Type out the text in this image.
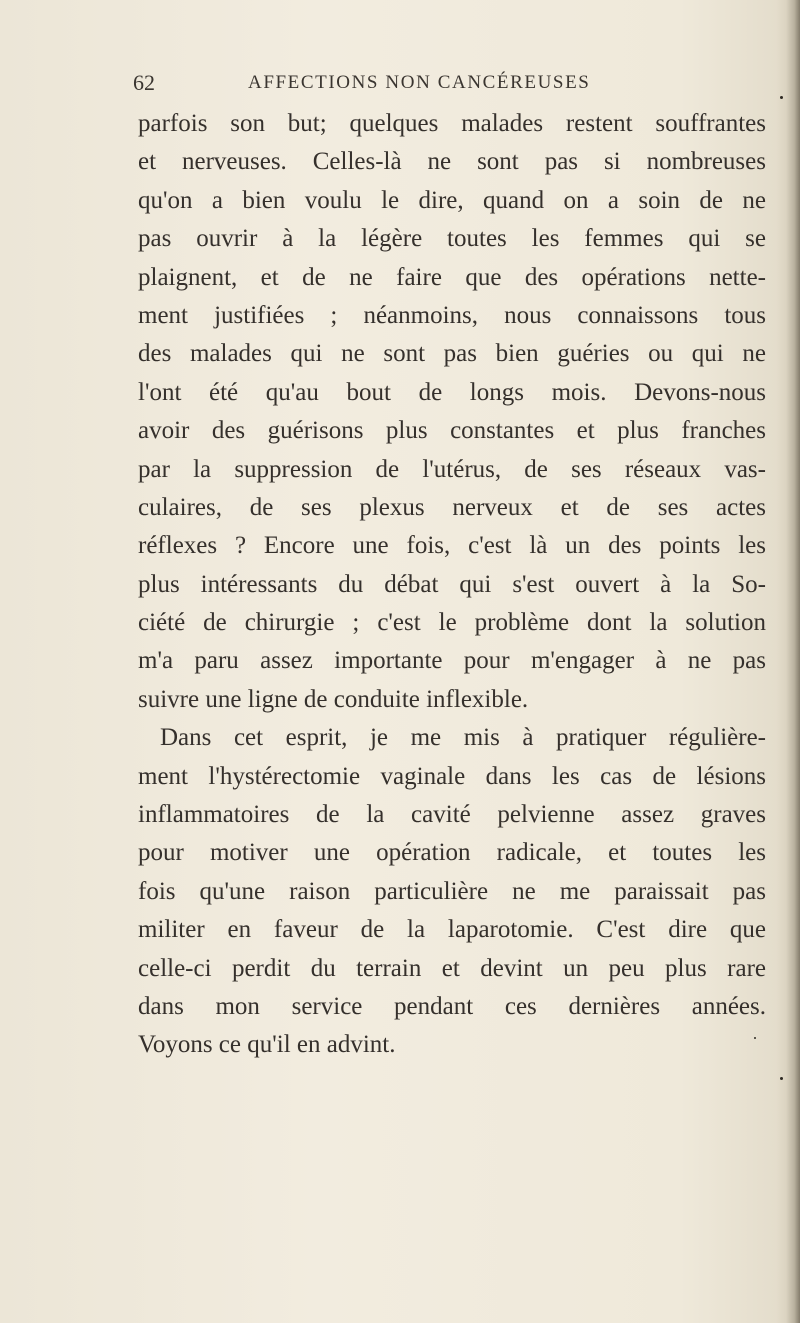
62	AFFECTIONS NON CANCÉREUSES
parfois son but; quelques malades restent souffrantes
et nerveuses. Celles-là ne sont pas si nombreuses
qu'on a bien voulu le dire, quand on a soin de ne
pas ouvrir à la légère toutes les femmes qui se
plaignent, et de ne faire que des opérations nette-
ment justifiées ; néanmoins, nous connaissons tous
des malades qui ne sont pas bien guéries ou qui ne
l'ont été qu'au bout de longs mois. Devons-nous
avoir des guérisons plus constantes et plus franches
par la suppression de l'utérus, de ses réseaux vas-
culaires, de ses plexus nerveux et de ses actes
réflexes ? Encore une fois, c'est là un des points les
plus intéressants du débat qui s'est ouvert à la So-
ciété de chirurgie ; c'est le problème dont la solution
m'a paru assez importante pour m'engager à ne pas
suivre une ligne de conduite inflexible.
Dans cet esprit, je me mis à pratiquer régulière-
ment l'hystérectomie vaginale dans les cas de lésions
inflammatoires de la cavité pelvienne assez graves
pour motiver une opération radicale, et toutes les
fois qu'une raison particulière ne me paraissait pas
militer en faveur de la laparotomie. C'est dire que
celle-ci perdit du terrain et devint un peu plus rare
dans mon service pendant ces dernières années.
Voyons ce qu'il en advint.
